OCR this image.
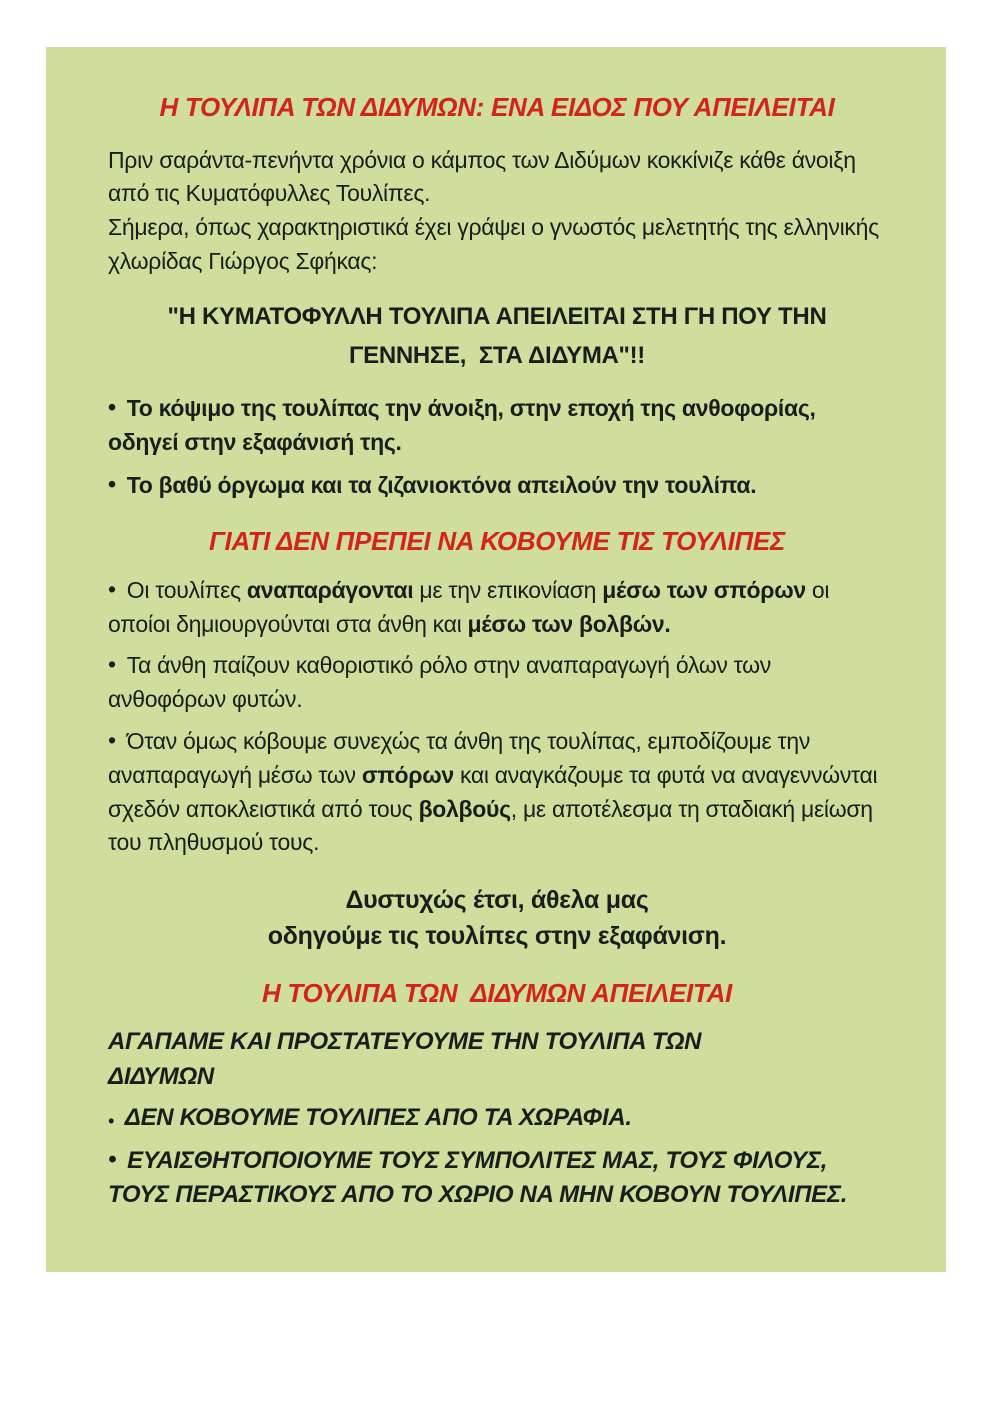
Η ΤΟΥΛΙΠΑ ΤΩΝ ΔΙΔΥΜΩΝ: ΕΝΑ ΕΙΔΟΣ ΠΟΥ ΑΠΕΙΛΕΙΤΑΙ

Πριν σαράντα-πενήντα χρόνια ο κάμπος των Διδύμων κοκκίνιζε κάθε άνοιξη από τις Κυματόφυλλες Τουλίπες.

Σήμερα, όπως χαρακτηριστικά έχει γράψει ο γνωστός μελετητής της ελληνικής χλωρίδας Γιώργος Σφήκας:

"Η ΚΥΜΑΤΟΦΥΛΛΗ ΤΟΥΛΙΠΑ ΑΠΕΙΛΕΙΤΑΙ ΣΤΗ ΓΗ ΠΟΥ ΤΗΝ
ΓΕΝΝΗΣΕ,  ΣΤΑ ΔΙΔΥΜΑ"!!

• Το κόψιμο της τουλίπας την άνοιξη, στην εποχή της ανθοφορίας, οδηγεί στην εξαφάνισή της.

• Το βαθύ όργωμα και τα ζιζανιοκτόνα απειλούν την τουλίπα.

ΓΙΑΤΙ ΔΕΝ ΠΡΕΠΕΙ ΝΑ ΚΟΒΟΥΜΕ ΤΙΣ ΤΟΥΛΙΠΕΣ

• Οι τουλίπες αναπαράγονται με την επικονίαση μέσω των σπόρων οι οποίοι δημιουργούνται στα άνθη και μέσω των βολβών.

• Τα άνθη παίζουν καθοριστικό ρόλο στην αναπαραγωγή όλων των ανθοφόρων φυτών.

• Όταν όμως κόβουμε συνεχώς τα άνθη της τουλίπας, εμποδίζουμε την αναπαραγωγή μέσω των σπόρων και αναγκάζουμε τα φυτά να αναγεννώνται σχεδόν αποκλειστικά από τους βολβούς, με αποτέλεσμα τη σταδιακή μείωση του πληθυσμού τους.

Δυστυχώς έτσι, άθελα μας
οδηγούμε τις τουλίπες στην εξαφάνιση.
Η ΤΟΥΛΙΠΑ ΤΩΝ  ΔΙΔΥΜΩΝ ΑΠΕΙΛΕΙΤΑΙ
ΑΓΑΠΑΜΕ ΚΑΙ ΠΡΟΣΤΑΤΕΥΟΥΜΕ ΤΗΝ ΤΟΥΛΙΠΑ ΤΩΝ
ΔΙΔΥΜΩΝ

• ΔΕΝ ΚΟΒΟΥΜΕ ΤΟΥΛΙΠΕΣ ΑΠΟ ΤΑ ΧΩΡΑΦΙΑ.

• ΕΥΑΙΣΘΗΤΟΠΟΙΟΥΜΕ ΤΟΥΣ ΣΥΜΠΟΛΙΤΕΣ ΜΑΣ, ΤΟΥΣ ΦΙΛΟΥΣ, ΤΟΥΣ ΠΕΡΑΣΤΙΚΟΥΣ ΑΠΟ ΤΟ ΧΩΡΙΟ ΝΑ ΜΗΝ ΚΟΒΟΥΝ ΤΟΥΛΙΠΕΣ.
